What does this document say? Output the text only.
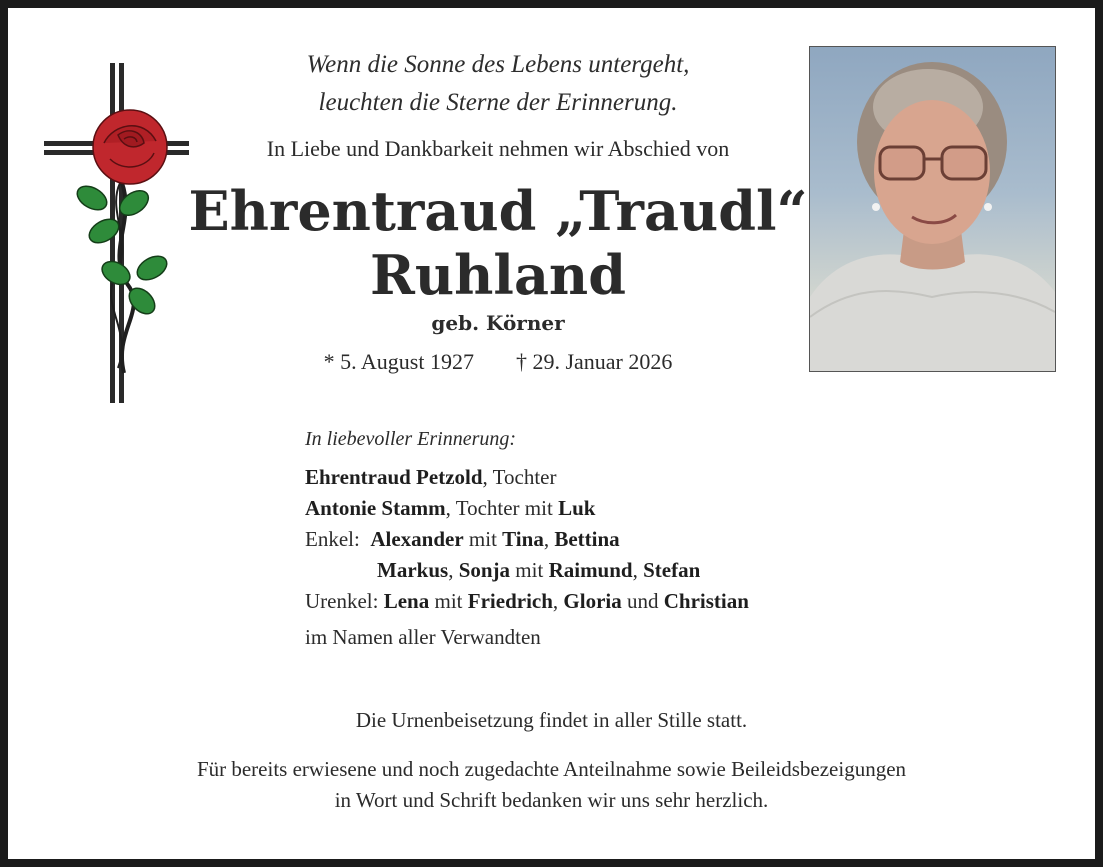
Wenn die Sonne des Lebens untergeht,
leuchten die Sterne der Erinnerung.
In Liebe und Dankbarkeit nehmen wir Abschied von
Ehrentraud „Traudl“
Ruhland
geb. Körner
* 5. August 1927 † 29. Januar 2026
In liebevoller Erinnerung:
Ehrentraud Petzold, Tochter
Antonie Stamm, Tochter mit Luk
Enkel:  Alexander mit Tina, Bettina
Markus, Sonja mit Raimund, Stefan
Urenkel: Lena mit Friedrich, Gloria und Christian
im Namen aller Verwandten
Die Urnenbeisetzung findet in aller Stille statt.
Für bereits erwiesene und noch zugedachte Anteilnahme sowie Beileidsbezeigungen
in Wort und Schrift bedanken wir uns sehr herzlich.
